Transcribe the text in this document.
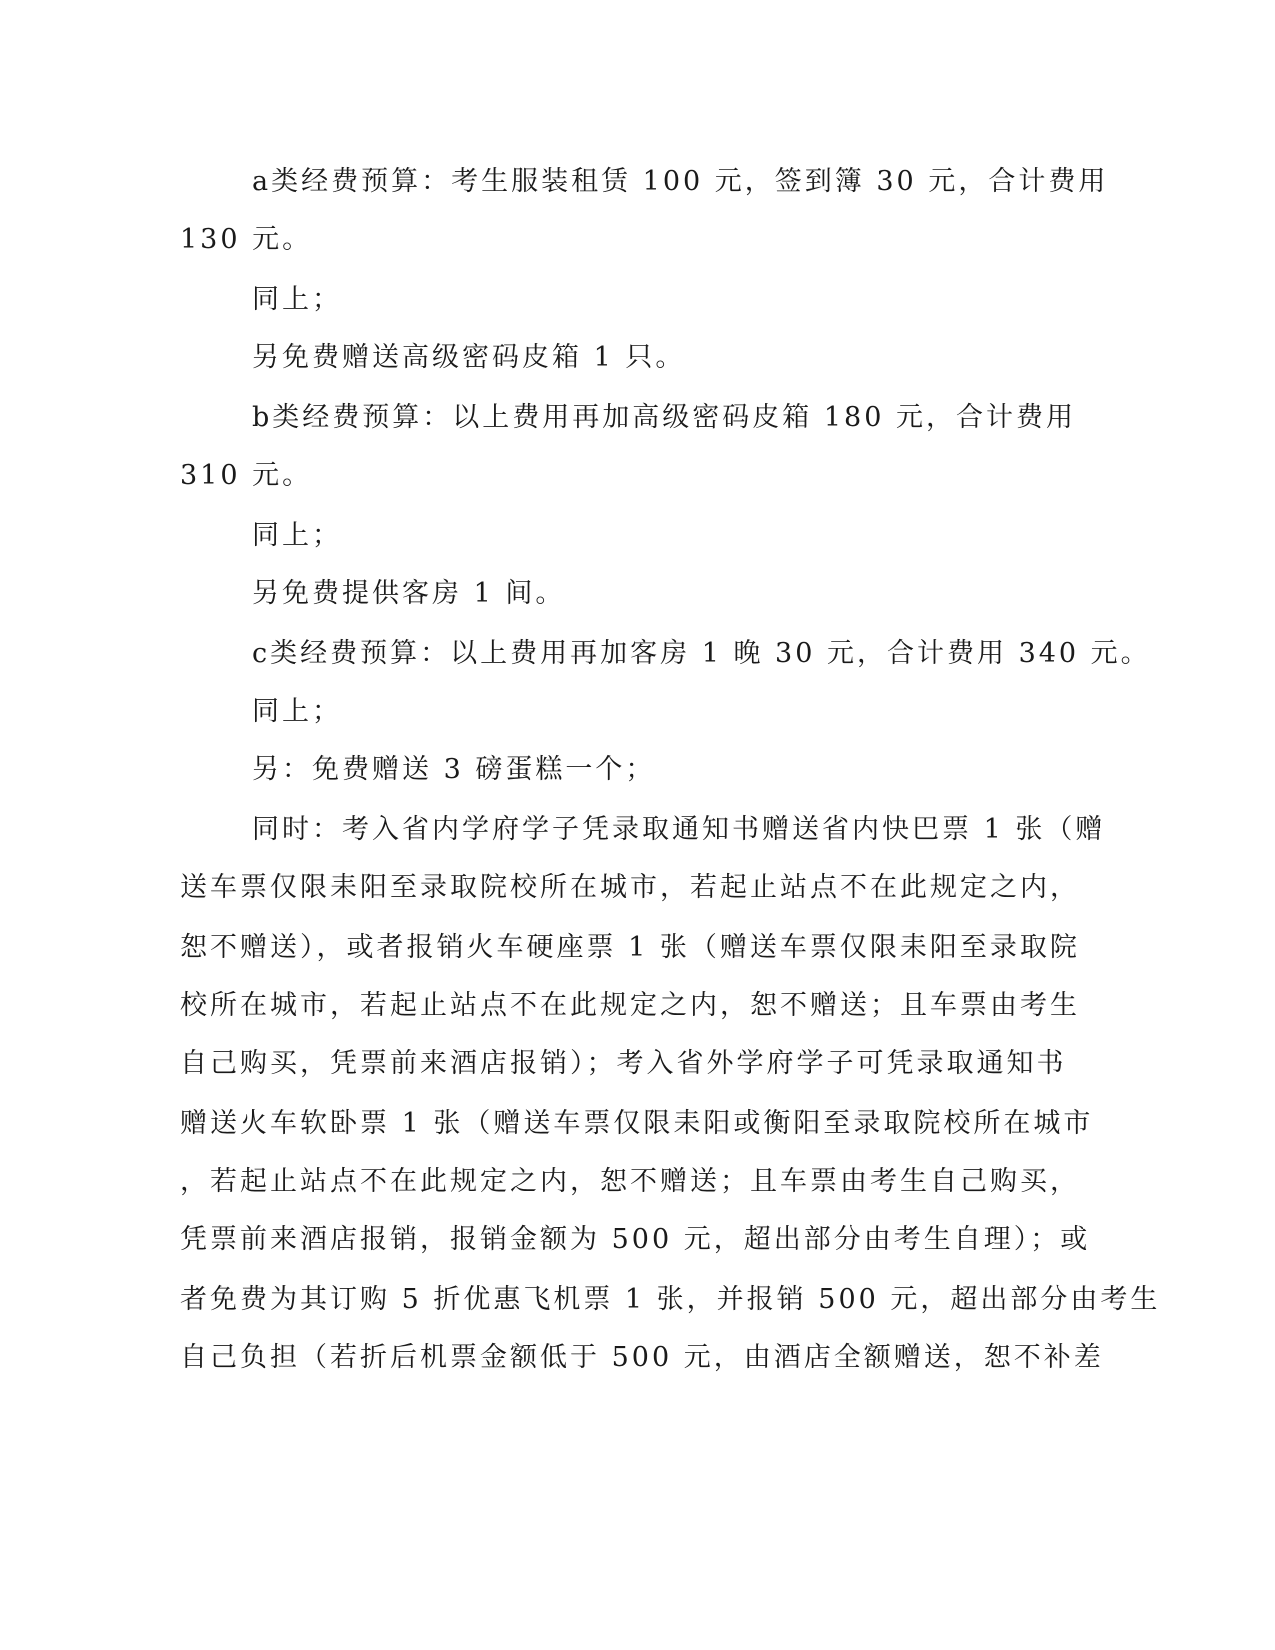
a类经费预算：考生服装租赁 100 元，签到簿 30 元，合计费用
130 元。
同上；
另免费赠送高级密码皮箱 1 只。
b类经费预算：以上费用再加高级密码皮箱 180 元，合计费用
310 元。
同上；
另免费提供客房 1 间。
c类经费预算：以上费用再加客房 1 晚 30 元，合计费用 340 元。
同上；
另：免费赠送 3 磅蛋糕一个；
同时：考入省内学府学子凭录取通知书赠送省内快巴票 1 张（赠
送车票仅限耒阳至录取院校所在城市，若起止站点不在此规定之内，
恕不赠送），或者报销火车硬座票 1 张（赠送车票仅限耒阳至录取院
校所在城市，若起止站点不在此规定之内，恕不赠送；且车票由考生
自己购买，凭票前来酒店报销）；考入省外学府学子可凭录取通知书
赠送火车软卧票 1 张（赠送车票仅限耒阳或衡阳至录取院校所在城市
，若起止站点不在此规定之内，恕不赠送；且车票由考生自己购买，
凭票前来酒店报销，报销金额为 500 元，超出部分由考生自理）；或
者免费为其订购 5 折优惠飞机票 1 张，并报销 500 元，超出部分由考生
自己负担（若折后机票金额低于 500 元，由酒店全额赠送，恕不补差
